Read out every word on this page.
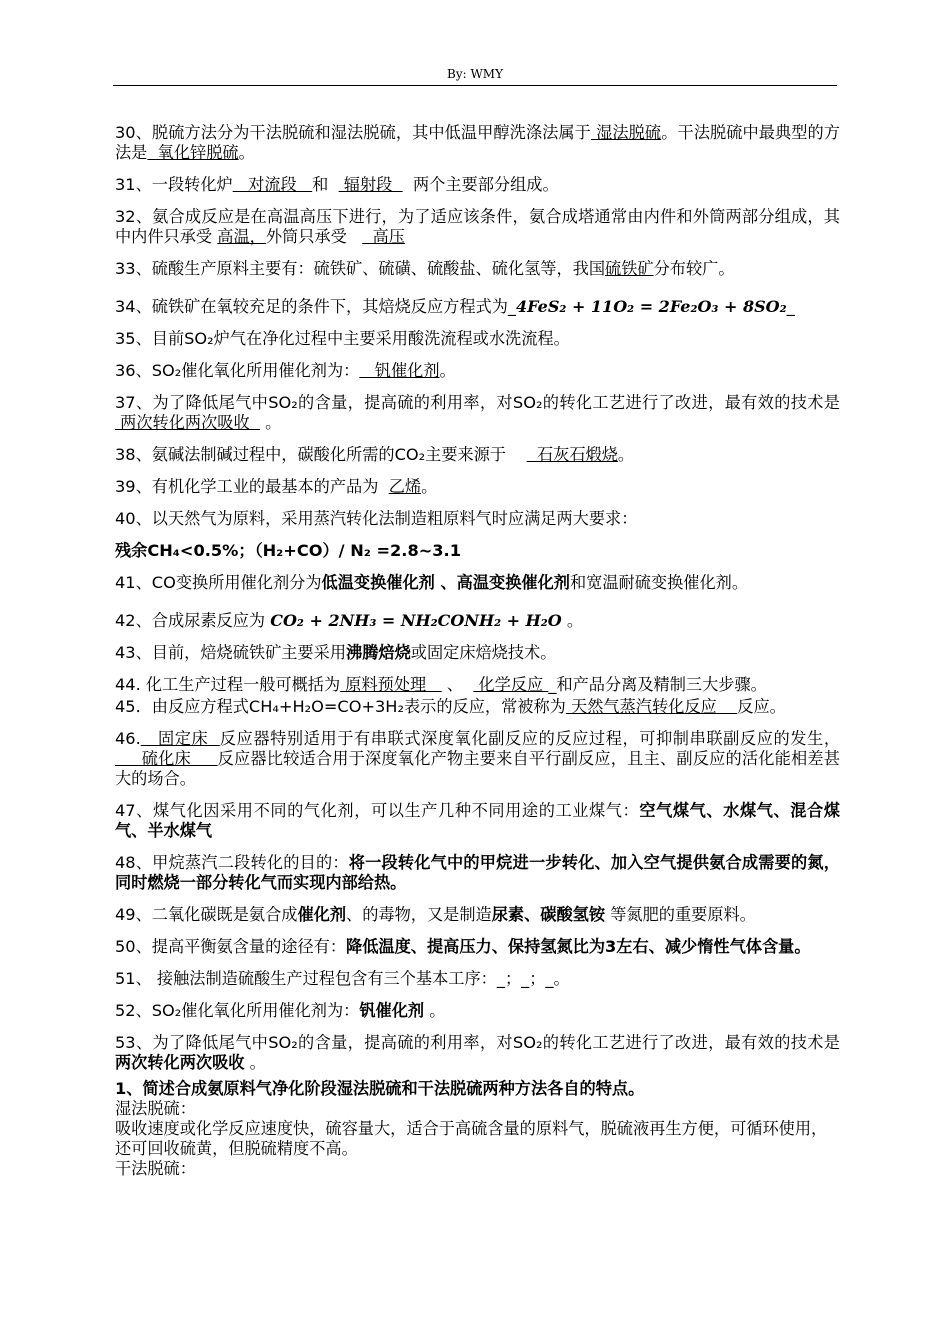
By: WMY

30、脱硫方法分为干法脱硫和湿法脱硫，其中低温甲醇洗涤法属于 湿法脱硫。干法脱硫中最典型的方法是  氧化锌脱硫。

31、一段转化炉   对流段   和   辐射段    两个主要部分组成。

32、氨合成反应是在高温高压下进行，为了适应该条件，氨合成塔通常由内件和外筒两部分组成，其中内件只承受 高温，外筒只承受     高压

33、硫酸生产原料主要有：硫铁矿、硫磺、硫酸盐、硫化氢等，我国硫铁矿分布较广。

34、硫铁矿在氧较充足的条件下，其焙烧反应方程式为_4FeS₂ + 11O₂ = 2Fe₂O₃ + 8SO₂_

35、目前SO₂炉气在净化过程中主要采用酸洗流程或水洗流程。

36、SO₂催化氧化所用催化剂为：   钒催化剂。

37、为了降低尾气中SO₂的含量，提高硫的利用率，对SO₂的转化工艺进行了改进，最有效的技术是  两次转化两次吸收   。

38、氨碱法制碱过程中，碳酸化所需的CO₂主要来源于      石灰石煅烧。

39、有机化学工业的最基本的产品为  乙烯。

40、以天然气为原料，采用蒸汽转化法制造粗原料气时应满足两大要求：

残余CH₄<0.5%；（H₂+CO）/ N₂ =2.8~3.1

41、CO变换所用催化剂分为低温变换催化剂 、高温变换催化剂和宽温耐硫变换催化剂。

42、合成尿素反应为 CO₂ + 2NH₃ = NH₂CONH₂ + H₂O 。

43、目前，焙烧硫铁矿主要采用沸腾焙烧或固定床焙烧技术。

44. 化工生产过程一般可概括为 原料预处理    、   化学反应 _和产品分离及精制三大步骤。

45．由反应方程式CH₄+H₂O=CO+3H₂表示的反应，常被称为 天然气蒸汽转化反应    反应。

46.   固定床  反应器特别适用于有串联式深度氧化副反应的反应过程，可抑制串联副反应的发生，     硫化床     反应器比较适合用于深度氧化产物主要来自平行副反应，且主、副反应的活化能相差甚大的场合。

47、煤气化因采用不同的气化剂，可以生产几种不同用途的工业煤气：空气煤气、水煤气、混合煤气、半水煤气

48、甲烷蒸汽二段转化的目的：将一段转化气中的甲烷进一步转化、加入空气提供氨合成需要的氮，同时燃烧一部分转化气而实现内部给热。

49、二氧化碳既是氨合成催化剂、的毒物，又是制造尿素、碳酸氢铵 等氮肥的重要原料。

50、提高平衡氨含量的途径有：降低温度、提高压力、保持氢氮比为3左右、减少惰性气体含量。

51、 接触法制造硫酸生产过程包含有三个基本工序：_；_；_。

52、SO₂催化氧化所用催化剂为：钒催化剂 。

53、为了降低尾气中SO₂的含量，提高硫的利用率，对SO₂的转化工艺进行了改进，最有效的技术是 两次转化两次吸收 。

1、简述合成氨原料气净化阶段湿法脱硫和干法脱硫两种方法各自的特点。

湿法脱硫：

吸收速度或化学反应速度快，硫容量大，适合于高硫含量的原料气，脱硫液再生方便，可循环使用，还可回收硫黄，但脱硫精度不高。

干法脱硫：
